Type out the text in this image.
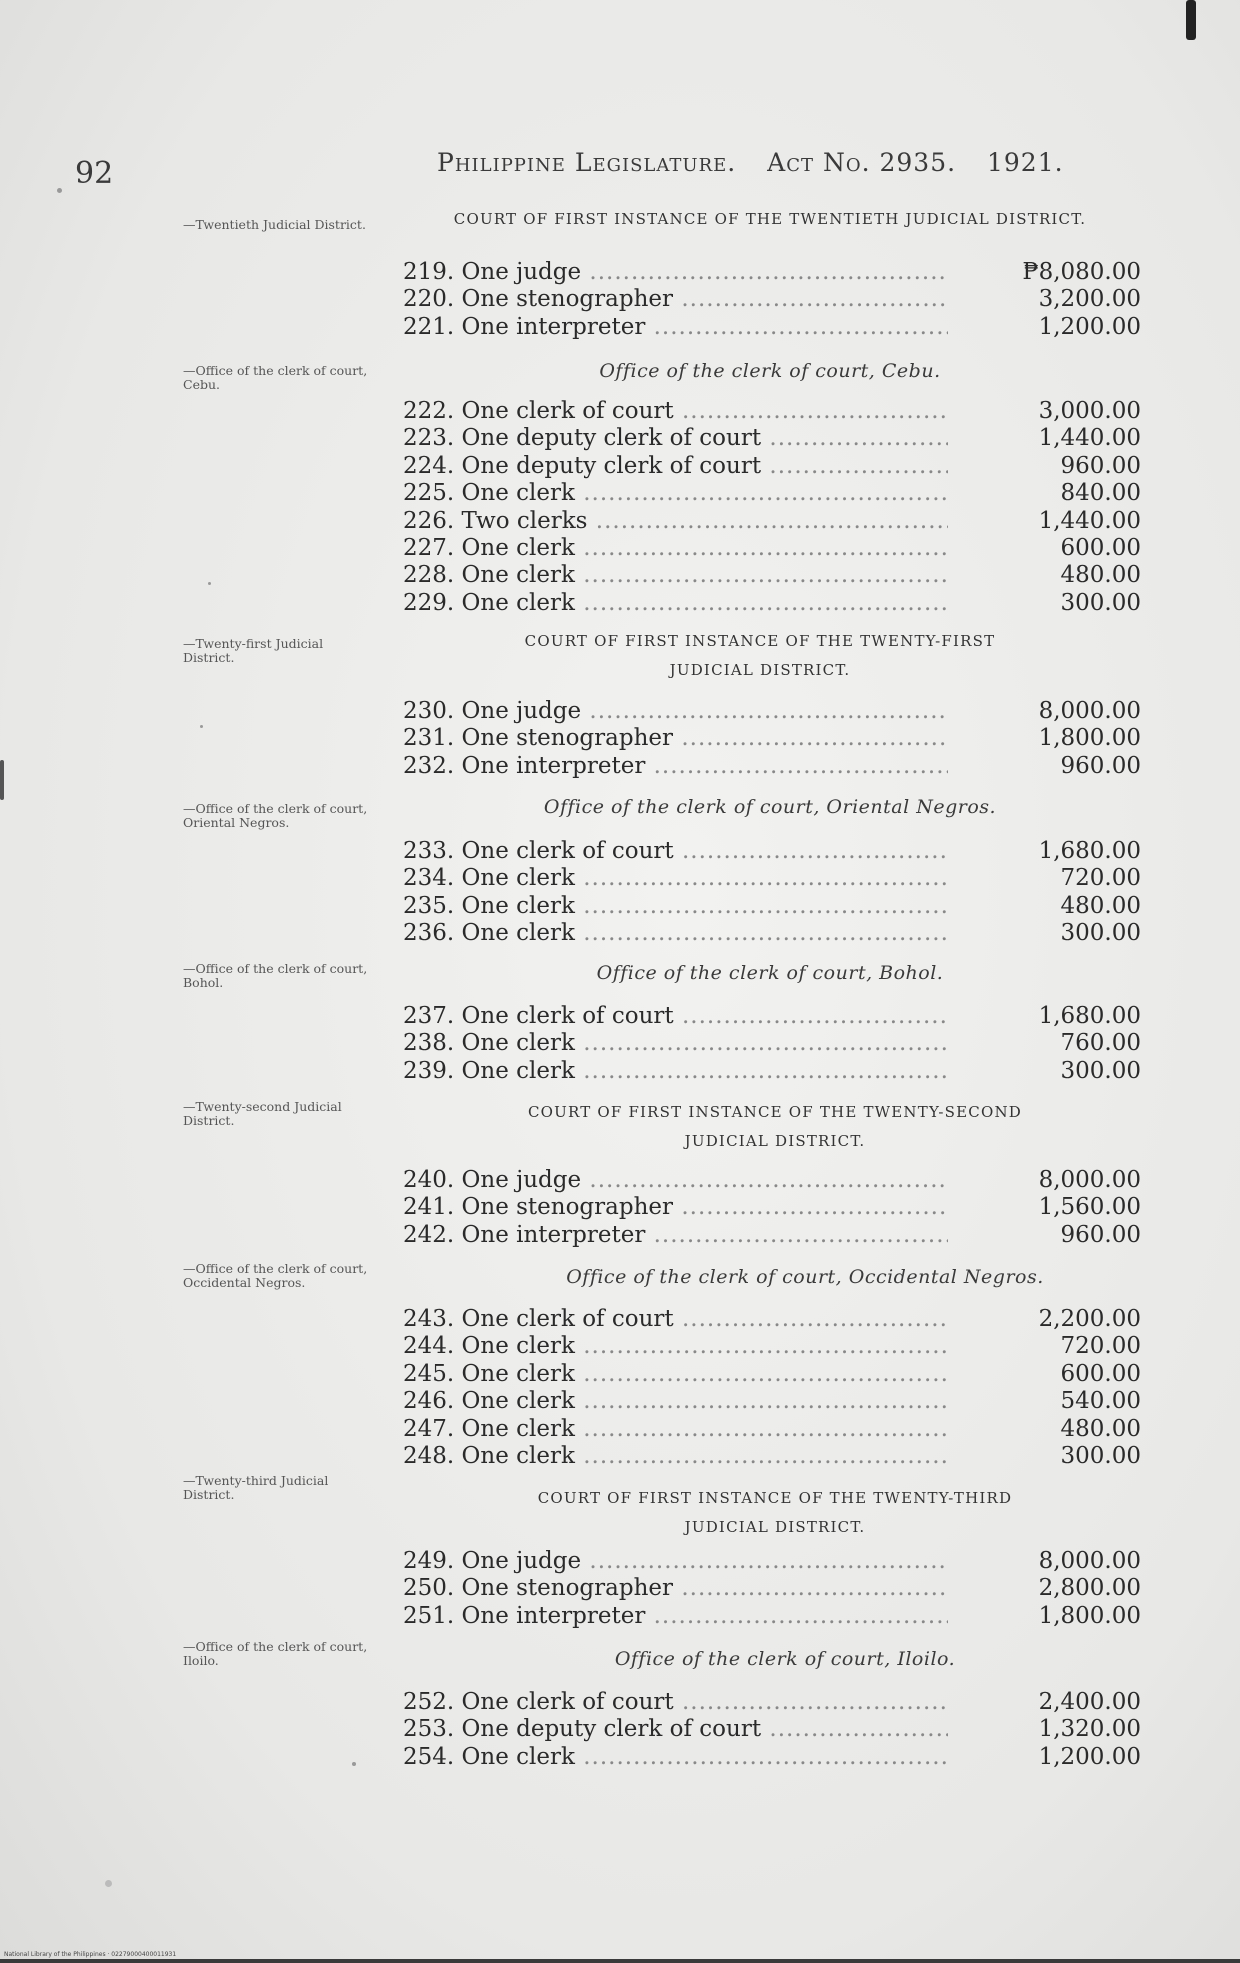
92	Philippine Legislature. Act No. 2935. 1921.
—Twentieth Judicial District.
—Office of the clerk of court, Cebu.
—Twenty-first Judicial District.
—Office of the clerk of court, Oriental Negros.
—Office of the clerk of court, Bohol.
—Twenty-second Judicial District.
—Office of the clerk of court, Occidental Negros.
—Twenty-third Judicial District.
—Office of the clerk of court, Iloilo.
COURT OF FIRST INSTANCE OF THE TWENTIETH JUDICIAL DISTRICT.
219. One judge .....	₱8,080.00
220. One stenographer .....	3,200.00
221. One interpreter .....	1,200.00
Office of the clerk of court, Cebu.
222. One clerk of court .....	3,000.00
223. One deputy clerk of court .....	1,440.00
224. One deputy clerk of court .....	960.00
225. One clerk .....	840.00
226. Two clerks .....	1,440.00
227. One clerk .....	600.00
228. One clerk .....	480.00
229. One clerk .....	300.00
COURT OF FIRST INSTANCE OF THE TWENTY-FIRST
JUDICIAL DISTRICT.
230. One judge .....	8,000.00
231. One stenographer .....	1,800.00
232. One interpreter .....	960.00
Office of the clerk of court, Oriental Negros.
233. One clerk of court .....	1,680.00
234. One clerk .....	720.00
235. One clerk .....	480.00
236. One clerk .....	300.00
Office of the clerk of court, Bohol.
237. One clerk of court .....	1,680.00
238. One clerk .....	760.00
239. One clerk .....	300.00
COURT OF FIRST INSTANCE OF THE TWENTY-SECOND
JUDICIAL DISTRICT.
240. One judge .....	8,000.00
241. One stenographer .....	1,560.00
242. One interpreter .....	960.00
Office of the clerk of court, Occidental Negros.
243. One clerk of court .....	2,200.00
244. One clerk .....	720.00
245. One clerk .....	600.00
246. One clerk .....	540.00
247. One clerk .....	480.00
248. One clerk .....	300.00
COURT OF FIRST INSTANCE OF THE TWENTY-THIRD
JUDICIAL DISTRICT.
249. One judge .....	8,000.00
250. One stenographer .....	2,800.00
251. One interpreter .....	1,800.00
Office of the clerk of court, Iloilo.
252. One clerk of court .....	2,400.00
253. One deputy clerk of court .....	1,320.00
254. One clerk .....	1,200.00
National Library of the Philippines · 02279000400011931
